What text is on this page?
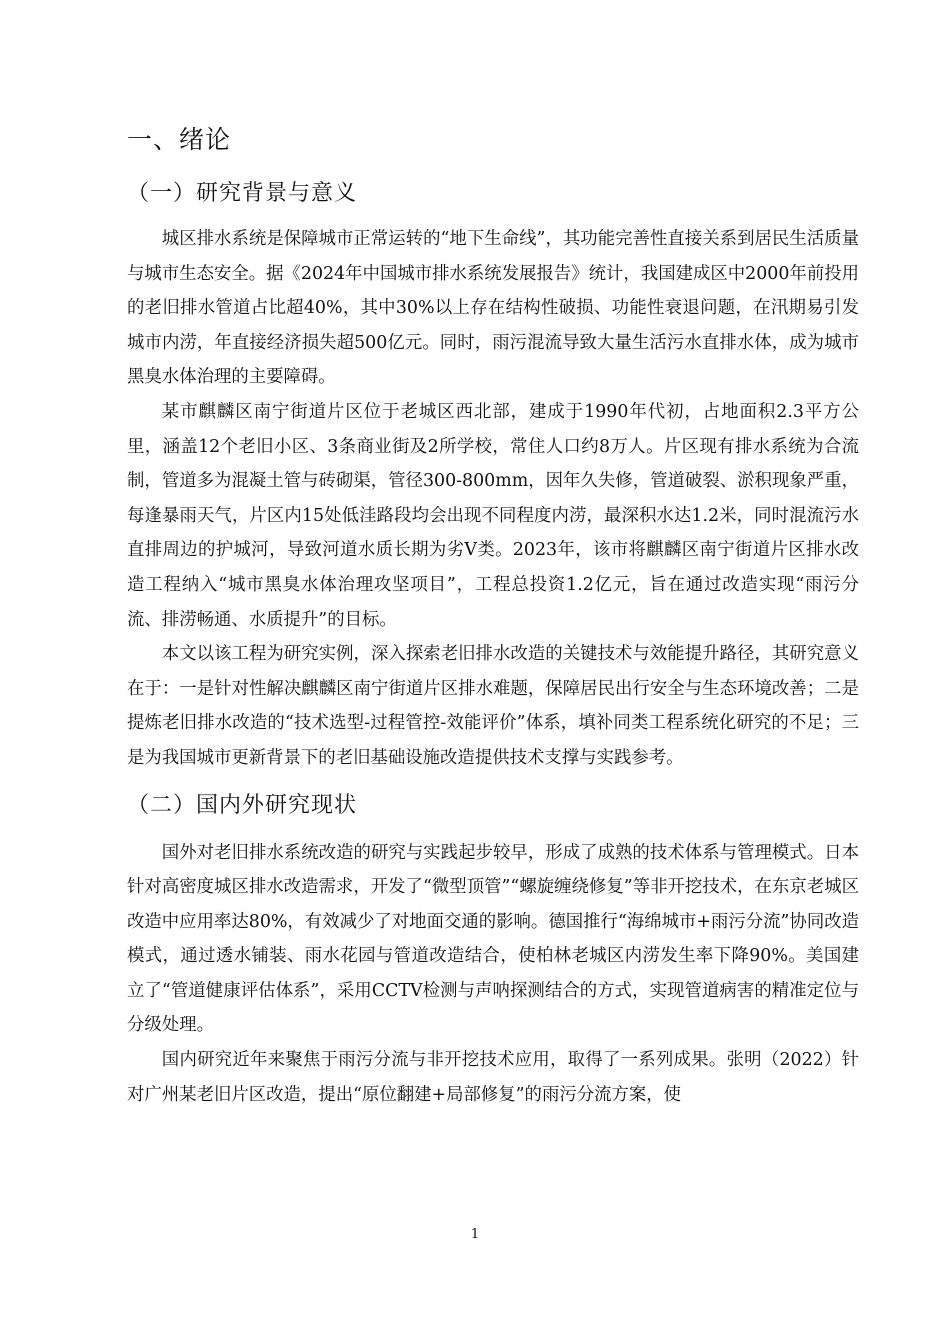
一、绪论
（一）研究背景与意义

城区排水系统是保障城市正常运转的“地下生命线”，其功能完善性直接关系到居民生活质量与城市生态安全。据《2024年中国城市排水系统发展报告》统计，我国建成区中2000年前投用的老旧排水管道占比超40%，其中30%以上存在结构性破损、功能性衰退问题，在汛期易引发城市内涝，年直接经济损失超500亿元。同时，雨污混流导致大量生活污水直排水体，成为城市黑臭水体治理的主要障碍。

某市麒麟区南宁街道片区位于老城区西北部，建成于1990年代初，占地面积2.3平方公里，涵盖12个老旧小区、3条商业街及2所学校，常住人口约8万人。片区现有排水系统为合流制，管道多为混凝土管与砖砌渠，管径300-800mm，因年久失修，管道破裂、淤积现象严重，每逢暴雨天气，片区内15处低洼路段均会出现不同程度内涝，最深积水达1.2米，同时混流污水直排周边的护城河，导致河道水质长期为劣V类。2023年，该市将麒麟区南宁街道片区排水改造工程纳入“城市黑臭水体治理攻坚项目”，工程总投资1.2亿元，旨在通过改造实现“雨污分流、排涝畅通、水质提升”的目标。

本文以该工程为研究实例，深入探索老旧排水改造的关键技术与效能提升路径，其研究意义在于：一是针对性解决麒麟区南宁街道片区排水难题，保障居民出行安全与生态环境改善；二是提炼老旧排水改造的“技术选型-过程管控-效能评价”体系，填补同类工程系统化研究的不足；三是为我国城市更新背景下的老旧基础设施改造提供技术支撑与实践参考。

（二）国内外研究现状

国外对老旧排水系统改造的研究与实践起步较早，形成了成熟的技术体系与管理模式。日本针对高密度城区排水改造需求，开发了“微型顶管”“螺旋缠绕修复”等非开挖技术，在东京老城区改造中应用率达80%，有效减少了对地面交通的影响。德国推行“海绵城市+雨污分流”协同改造模式，通过透水铺装、雨水花园与管道改造结合，使柏林老城区内涝发生率下降90%。美国建立了“管道健康评估体系”，采用CCTV检测与声呐探测结合的方式，实现管道病害的精准定位与分级处理。

国内研究近年来聚焦于雨污分流与非开挖技术应用，取得了一系列成果。张明（2022）针对广州某老旧片区改造，提出“原位翻建+局部修复”的雨污分流方案，使

1
